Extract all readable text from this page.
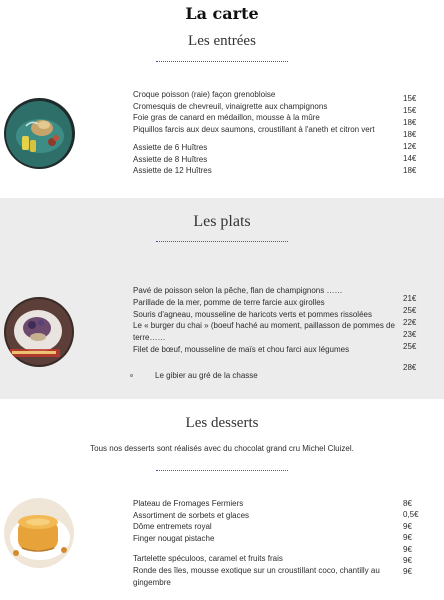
La carte
Les entrées
Croque poisson (raie) façon grenobloise
Cromesquis de chevreuil, vinaigrette aux champignons
Foie gras de canard en médaillon, mousse à la mûre
Piquillos farcis aux deux saumons, croustillant à l'aneth et citron vert
Assiette de 6 Huîtres
Assiette de 8 Huîtres
Assiette de 12 Huîtres
15€
15€
18€
18€
12€
14€
18€
Les plats
Pavé de poisson selon la pêche, flan de champignons ……
Parillade de la mer, pomme de terre farcie aux girolles
Souris d'agneau, mousseline de haricots verts et pommes rissolées
Le « burger du chai » (boeuf haché au moment, paillasson de pommes de terre……
Filet de bœuf, mousseline de maïs et chou farci aux légumes
21€
25€
22€
23€
25€
28€
Le gibier au gré de la chasse
Les desserts
Tous nos desserts sont réalisés avec du chocolat grand cru Michel Cluizel.
Plateau de Fromages Fermiers
Assortiment de sorbets et glaces
Dôme entremets royal
Finger nougat pistache
Tartelette spéculoos, caramel et fruits frais
Ronde des îles, mousse exotique sur un croustillant coco, chantilly au gingembre
8€
0,5€
9€
9€
9€
9€
9€
